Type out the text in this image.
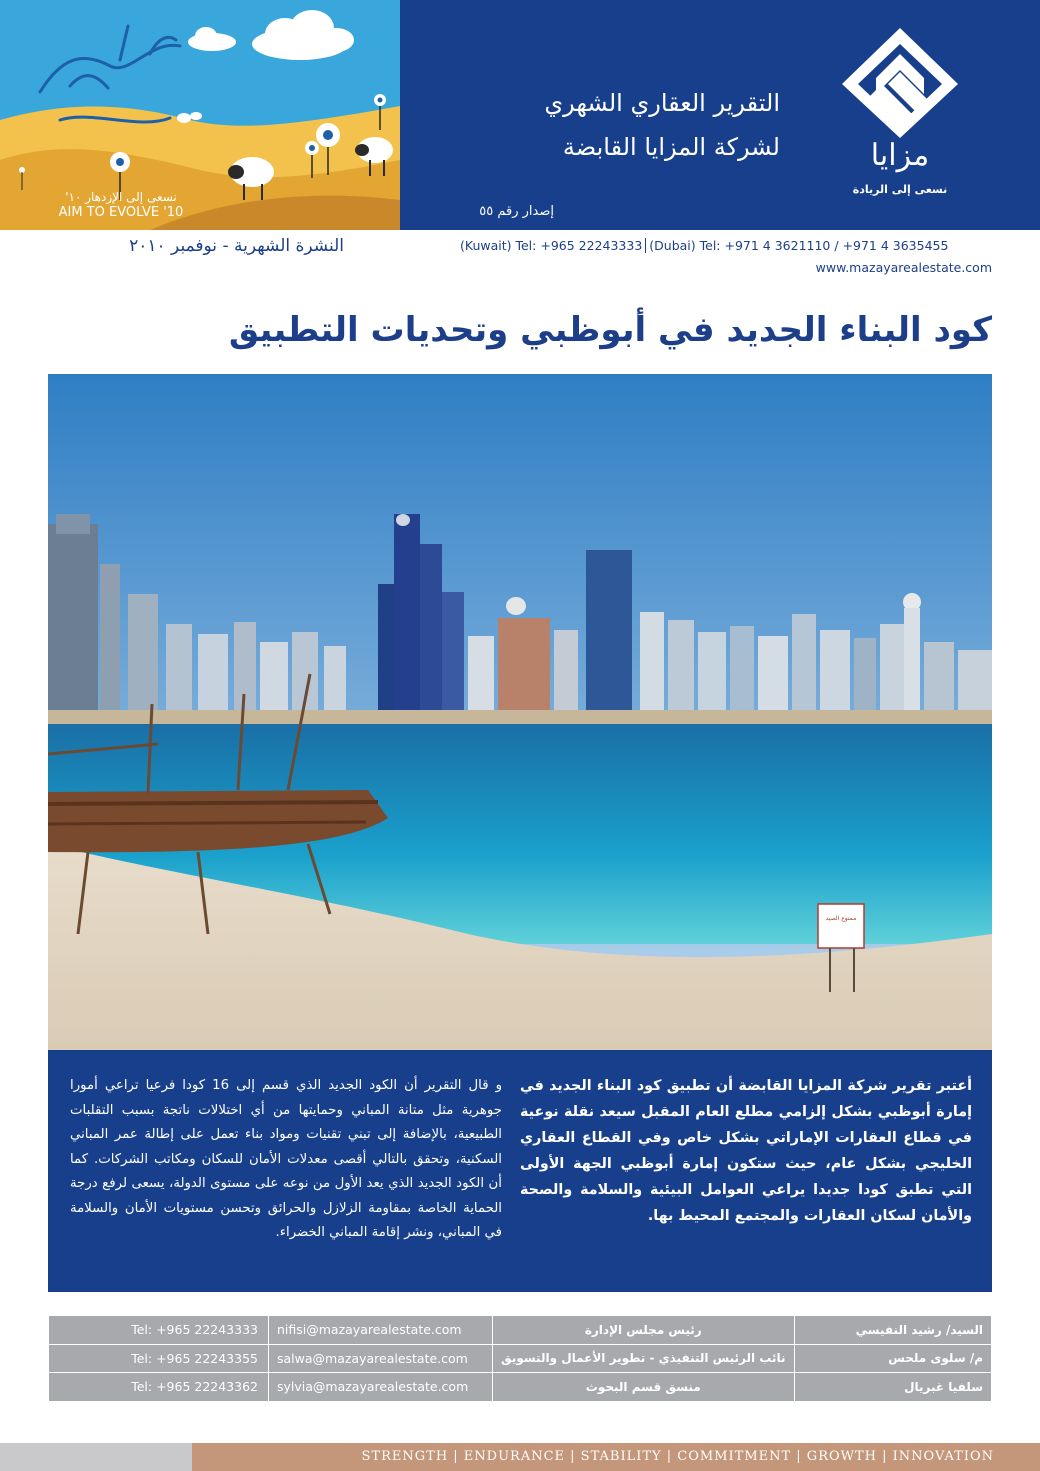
نسعى إلى الإزدهار ١٠'
AIM TO EVOLVE '10
التقرير العقاري الشهري
لشركة المزايا القابضة
إصدار رقم ٥٥
مزايا
نسعى إلى الريادة
النشرة الشهرية - نوفمبر ٢٠١٠	(Kuwait) Tel: +965 22243333 (Dubai) Tel: +971 4 3621110 / +971 4 3635455
www.mazayarealestate.com
كود البناء الجديد في أبوظبي وتحديات التطبيق
ممنوع الصيد

أعتبر تقرير شركة المزايا القابضة أن تطبيق كود البناء الجديد في إمارة أبوظبي بشكل إلزامي مطلع العام المقبل سيعد نقلة نوعية في قطاع العقارات الإماراتي بشكل خاص وفي القطاع العقاري الخليجي بشكل عام، حيث ستكون إمارة أبوظبي الجهة الأولى التي تطبق كودا جديدا يراعي العوامل البيئية والسلامة والصحة والأمان لسكان العقارات والمجتمع المحيط بها.

و قال التقرير أن الكود الجديد الذي قسم إلى 16 كودا فرعيا تراعي أمورا جوهرية مثل متانة المباني وحمايتها من أي اختلالات ناتجة بسبب التقلبات الطبيعية، بالإضافة إلى تبني تقنيات ومواد بناء تعمل على إطالة عمر المباني السكنية، وتحقق بالتالي أقصى معدلات الأمان للسكان ومكاتب الشركات. كما أن الكود الجديد الذي يعد الأول من نوعه على مستوى الدولة، يسعى لرفع درجة الحماية الخاصة بمقاومة الزلازل والحرائق وتحسن مستويات الأمان والسلامة في المباني، ونشر إقامة المباني الخضراء.

Tel: +965 22243333	nifisi@mazayarealestate.com	رئيس مجلس الإدارة	السيد/ رشيد النفيسي
Tel: +965 22243355	salwa@mazayarealestate.com	نائب الرئيس التنفيذي - تطوير الأعمال والتسويق	م/ سلوى ملحس
Tel: +965 22243362	sylvia@mazayarealestate.com	منسق قسم البحوث	سلفيا غبريال
STRENGTH | ENDURANCE | STABILITY | COMMITMENT | GROWTH | INNOVATION
